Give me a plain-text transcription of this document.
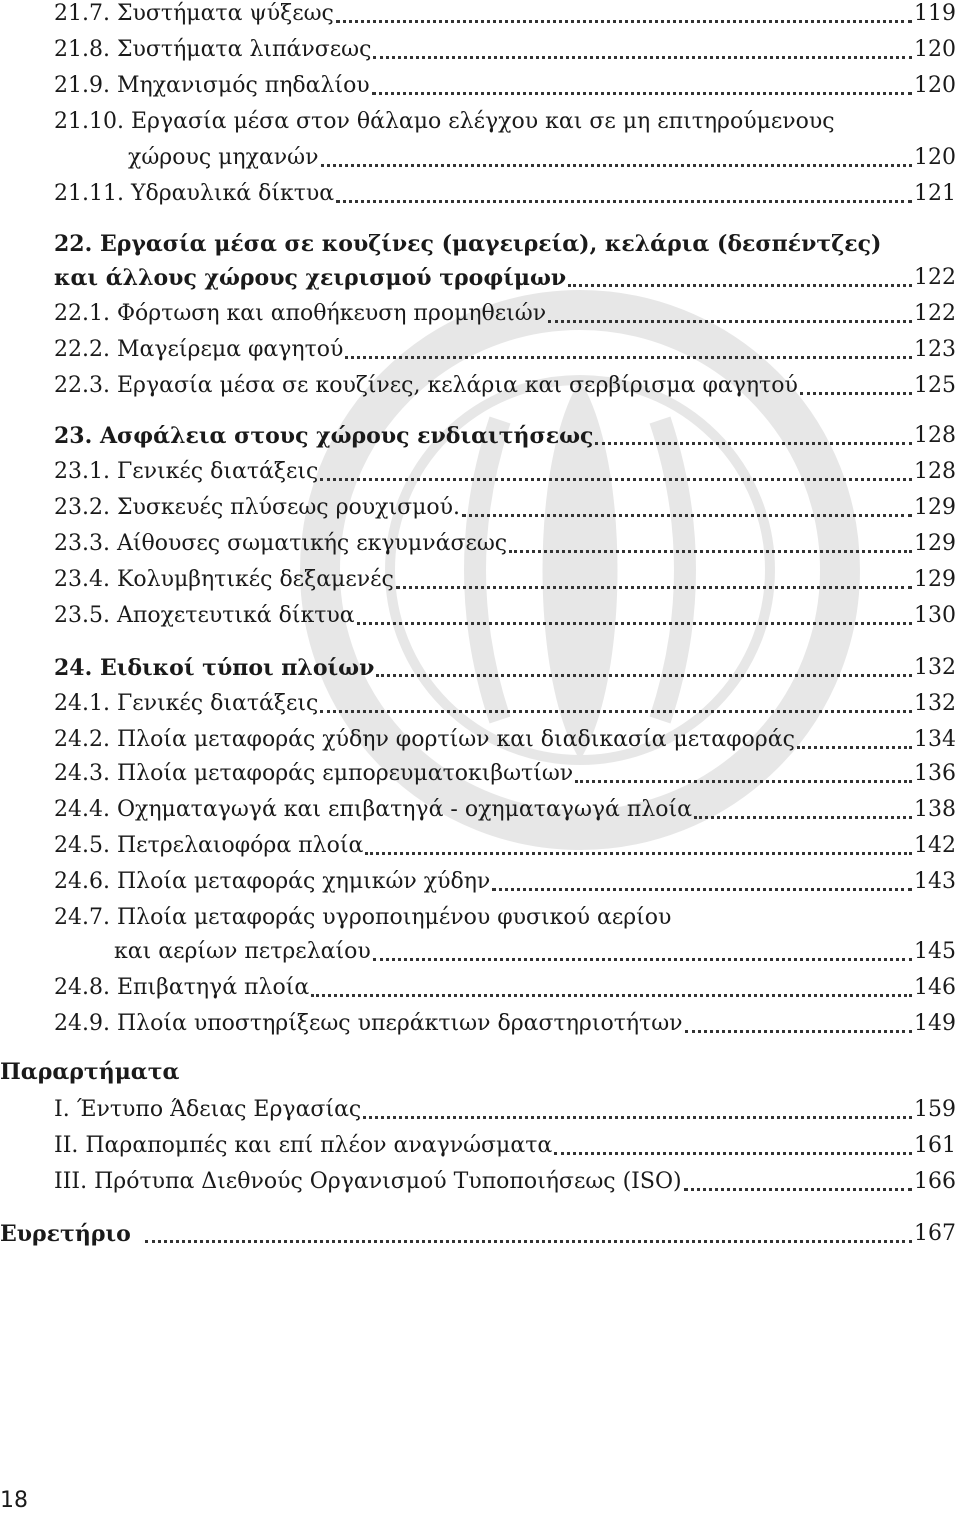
21.7. Συστήματα ψύξεως	119
21.8. Συστήματα λιπάνσεως	120
21.9. Μηχανισμός πηδαλίου	120
21.10. Εργασία μέσα στον θάλαμο ελέγχου και σε μη επιτηρούμενους
χώρους μηχανών	120
21.11. Υδραυλικά δίκτυα	121
22. Εργασία μέσα σε κουζίνες (μαγειρεία), κελάρια (δεσπέντζες)
και άλλους χώρους χειρισμού τροφίμων	122
22.1. Φόρτωση και αποθήκευση προμηθειών	122
22.2. Μαγείρεμα φαγητού	123
22.3. Εργασία μέσα σε κουζίνες, κελάρια και σερβίρισμα φαγητού	125
23. Ασφάλεια στους χώρους ενδιαιτήσεως	128
23.1. Γενικές διατάξεις	128
23.2. Συσκευές πλύσεως ρουχισμού.	129
23.3. Αίθουσες σωματικής εκγυμνάσεως	129
23.4. Κολυμβητικές δεξαμενές	129
23.5. Αποχετευτικά δίκτυα	130
24. Ειδικοί τύποι πλοίων	132
24.1. Γενικές διατάξεις	132
24.2. Πλοία μεταφοράς χύδην φορτίων και διαδικασία μεταφοράς	134
24.3. Πλοία μεταφοράς εμπορευματοκιβωτίων	136
24.4. Οχηματαγωγά και επιβατηγά - οχηματαγωγά πλοία	138
24.5. Πετρελαιοφόρα πλοία	142
24.6. Πλοία μεταφοράς χημικών χύδην	143
24.7. Πλοία μεταφοράς υγροποιημένου φυσικού αερίου
και αερίων πετρελαίου	145
24.8. Επιβατηγά πλοία	146
24.9. Πλοία υποστηρίξεως υπεράκτιων δραστηριοτήτων	149
Παραρτήματα
I. Έντυπο Άδειας Εργασίας	159
II. Παραπομπές και επί πλέον αναγνώσματα	161
III. Πρότυπα Διεθνούς Οργανισμού Τυποποιήσεως (ISO)	166
Ευρετήριο	167
18
